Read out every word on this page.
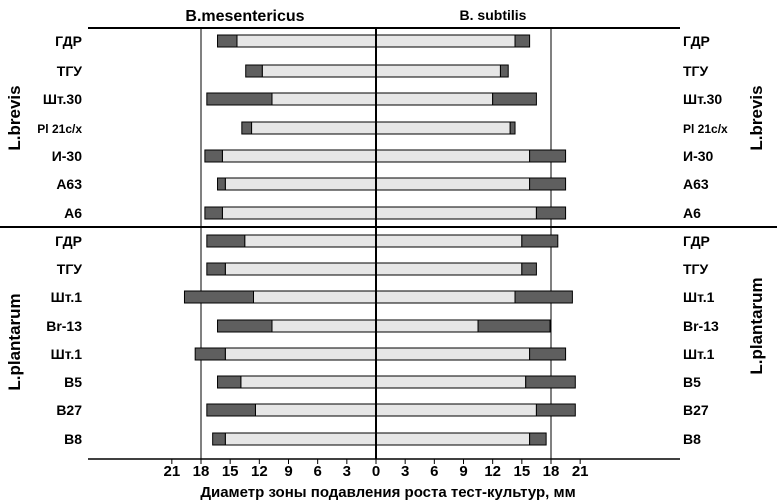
21 18 15 12 9 6 3 0 3 6 9 12 15 18 21
ГДР	ГДР
ТГУ	ТГУ
Шт.30	Шт.30
Pl 21c/x	Pl 21c/x
И-30	И-30
А63	А63
А6	А6
ГДР	ГДР
ТГУ	ТГУ
Шт.1	Шт.1
Br-13	Br-13
Шт.1	Шт.1
B5	B5
B27	B27
B8	B8
B.mesentericus	B. subtilis
Диаметр зоны подавления роста тест-культур, мм
L.brevis	L.brevis
L.plantarum	L.plantarum
